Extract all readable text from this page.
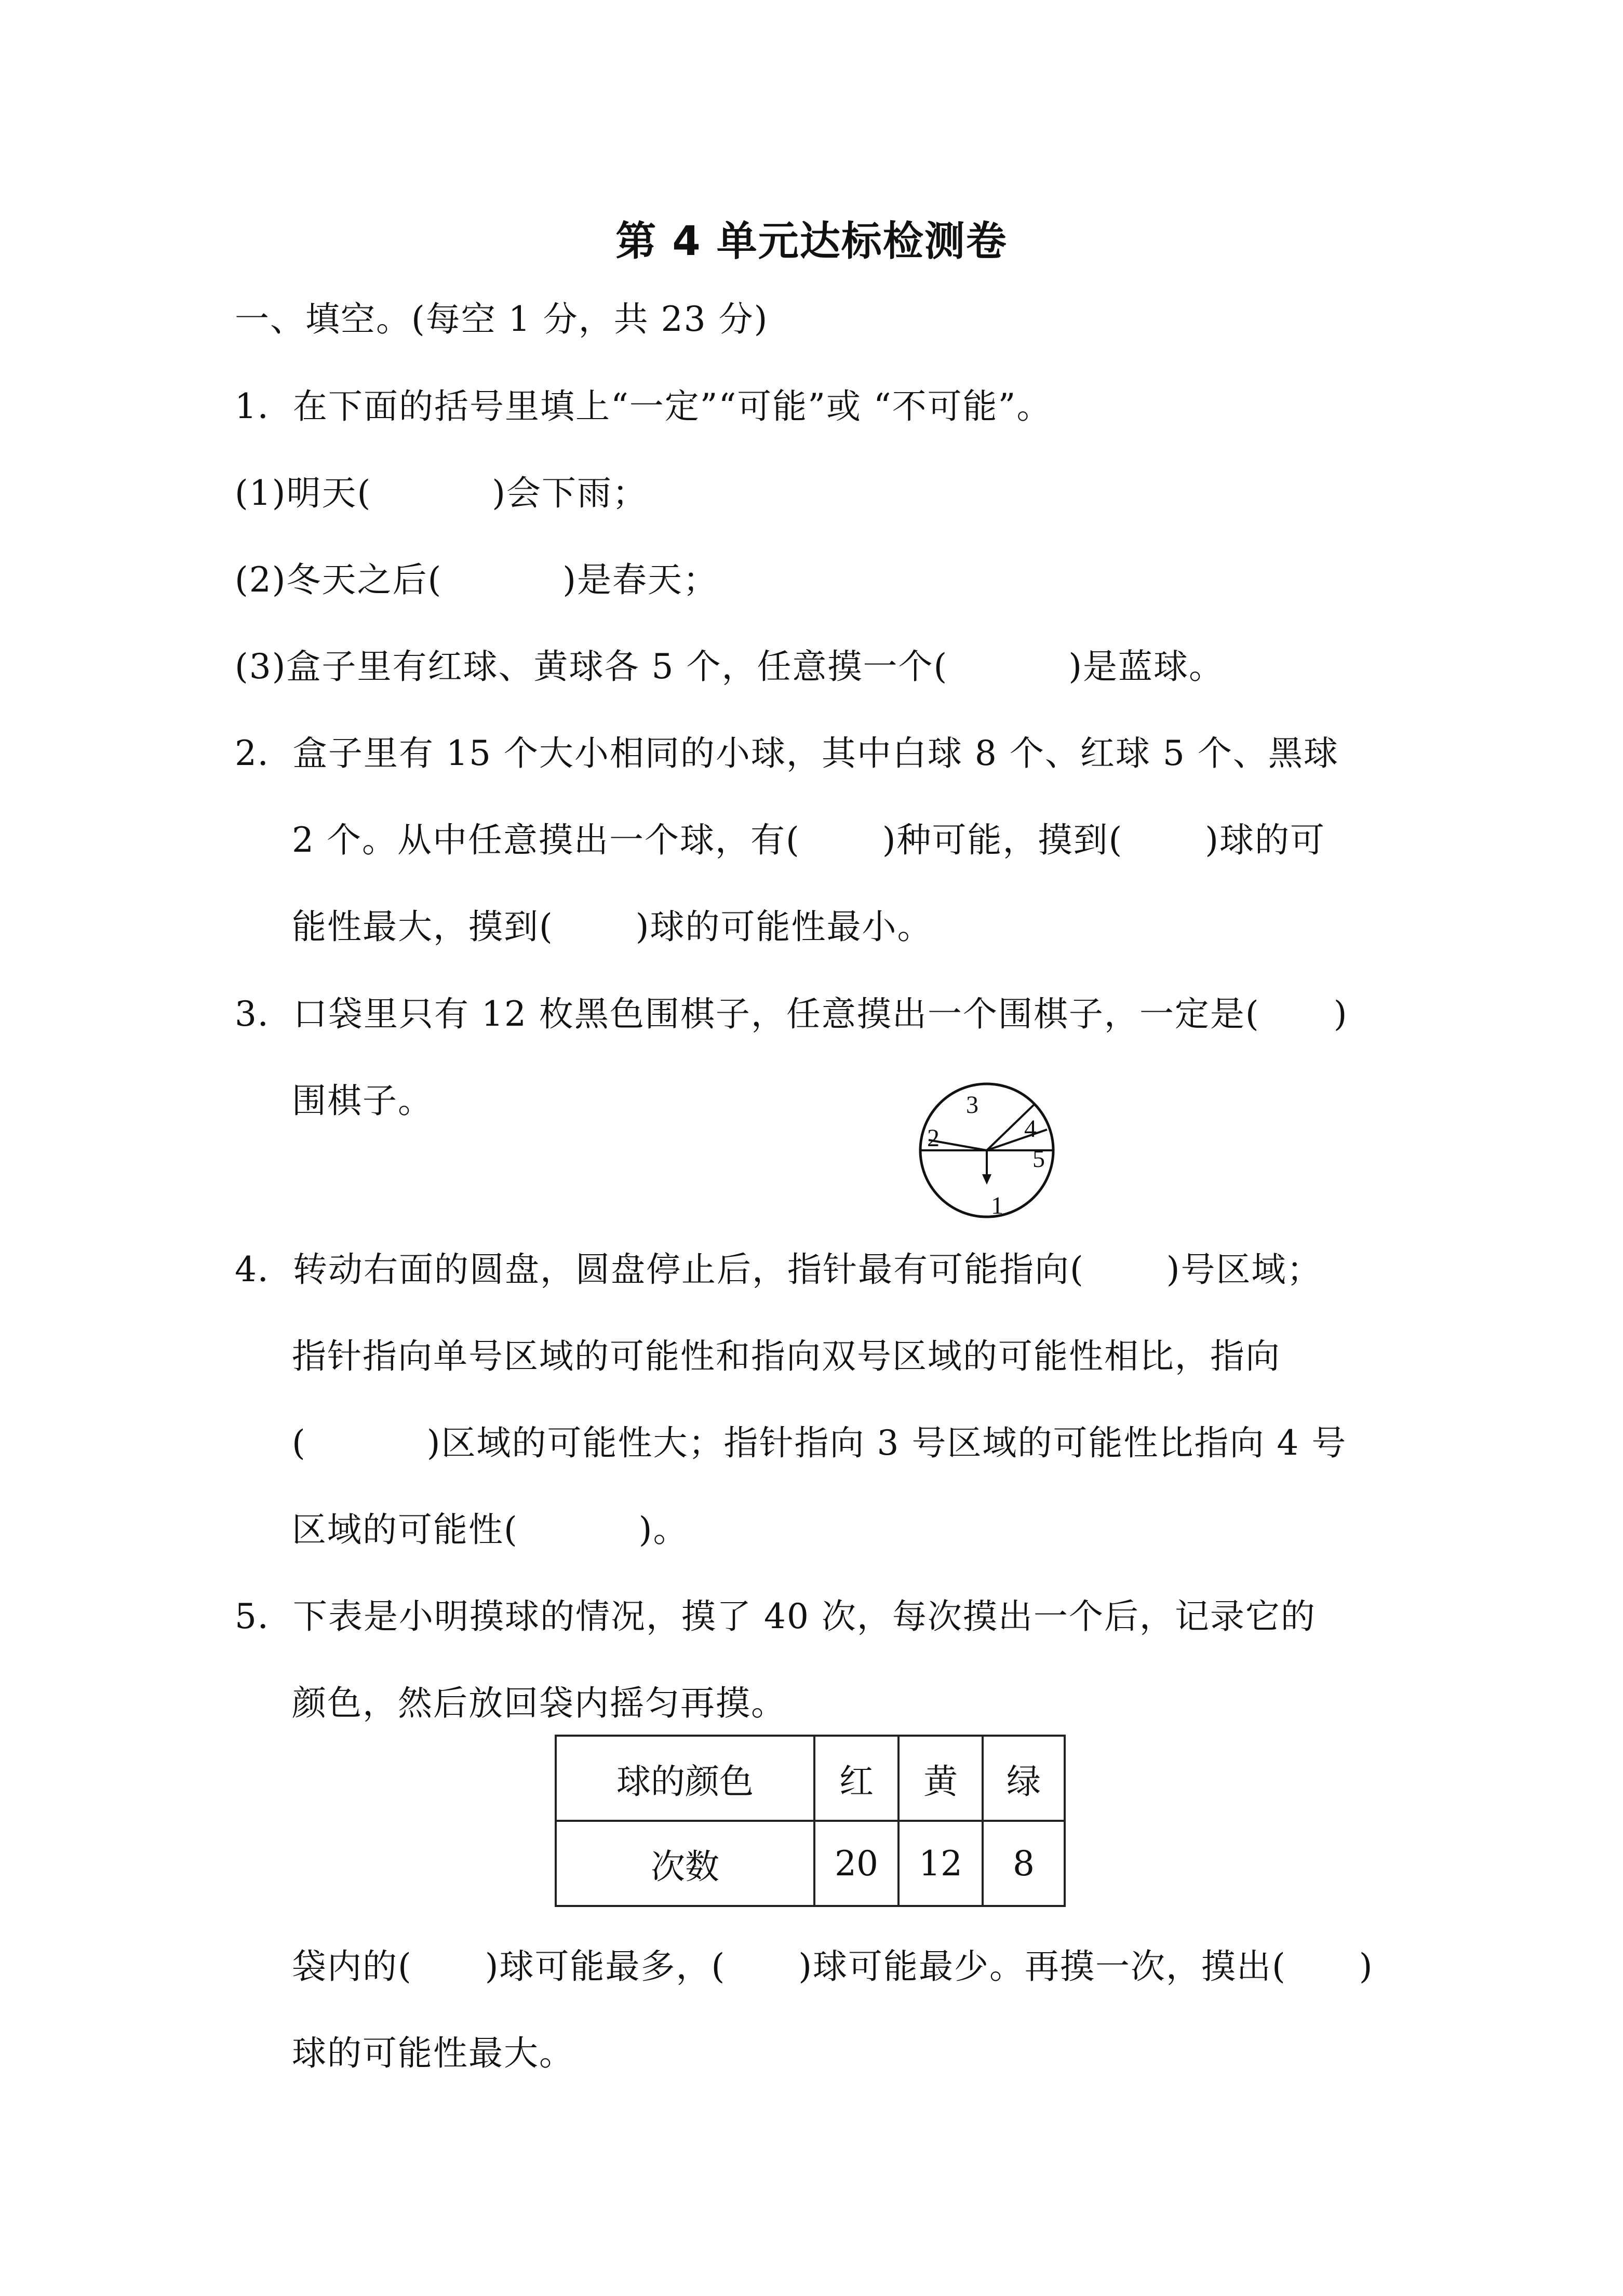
第 4 单元达标检测卷
一、填空。(每空 1 分，共 23 分)
1．在下面的括号里填上“一定”“可能”或 “不可能”。
(1)明天(	)会下雨；
(2)冬天之后(	)是春天；
(3)盒子里有红球、黄球各 5 个，任意摸一个(	)是蓝球。
2．盒子里有 15 个大小相同的小球，其中白球 8 个、红球 5 个、黑球
2 个。从中任意摸出一个球，有( )种可能，摸到( )球的可
能性最大，摸到( )球的可能性最小。
3．口袋里只有 12 枚黑色围棋子，任意摸出一个围棋子，一定是( )
围棋子。
1
2
3
4
5
4．转动右面的圆盘，圆盘停止后，指针最有可能指向( )号区域；
指针指向单号区域的可能性和指向双号区域的可能性相比，指向
(	)区域的可能性大；指针指向 3 号区域的可能性比指向 4 号
区域的可能性(	)。
5．下表是小明摸球的情况，摸了 40 次，每次摸出一个后，记录它的
颜色，然后放回袋内摇匀再摸。
球的颜色	红	黄	绿
次数	20	12	8
袋内的( )球可能最多，( )球可能最少。再摸一次，摸出( )
球的可能性最大。
